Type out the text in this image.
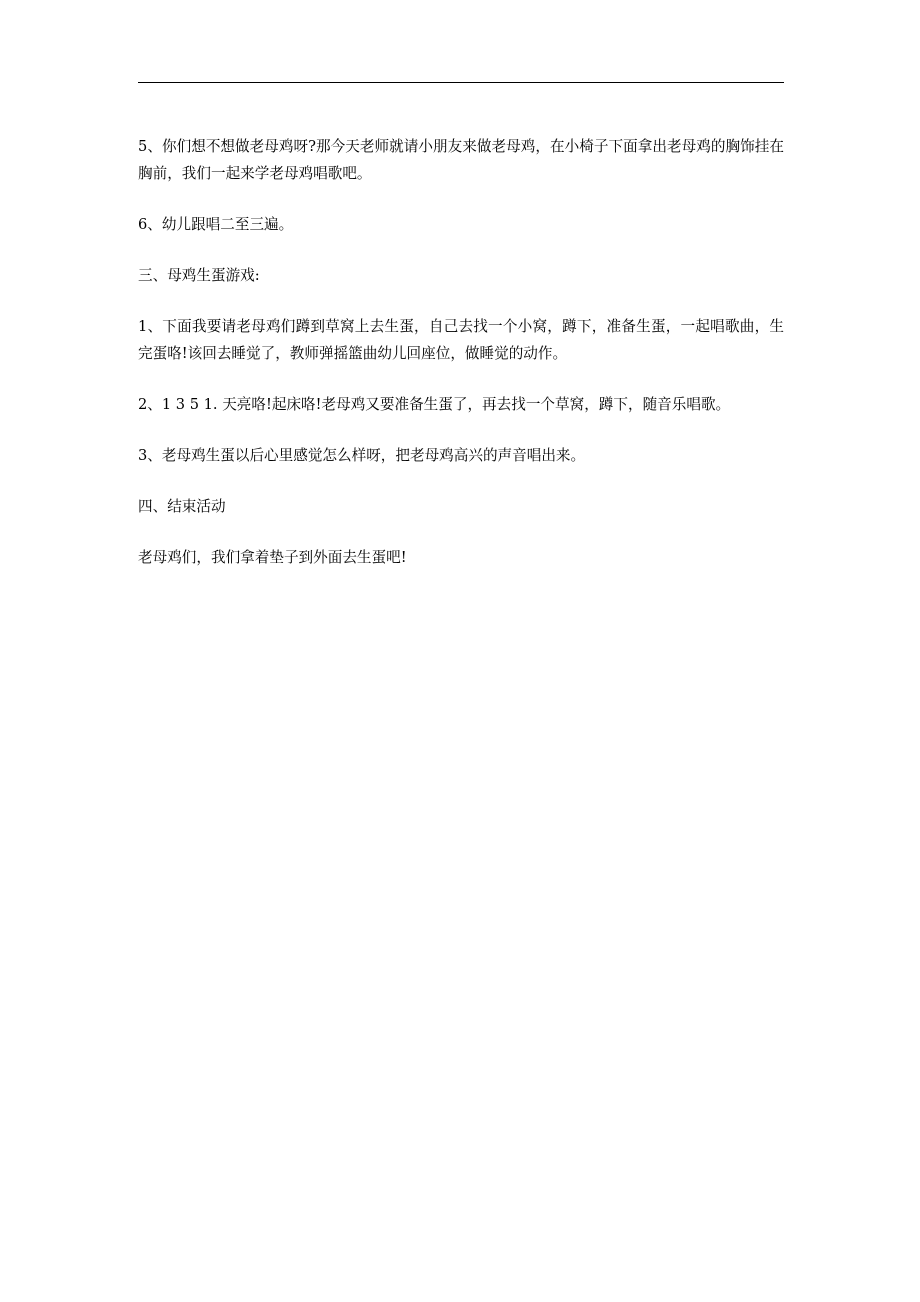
5、你们想不想做老母鸡呀?那今天老师就请小朋友来做老母鸡，在小椅子下面拿出老母鸡的胸饰挂在胸前，我们一起来学老母鸡唱歌吧。

6、幼儿跟唱二至三遍。

三、母鸡生蛋游戏:

1、下面我要请老母鸡们蹲到草窝上去生蛋，自己去找一个小窝，蹲下，准备生蛋，一起唱歌曲，生完蛋咯!该回去睡觉了，教师弹摇篮曲幼儿回座位，做睡觉的动作。

2、1 3 5 1. 天亮咯!起床咯!老母鸡又要准备生蛋了，再去找一个草窝，蹲下，随音乐唱歌。

3、老母鸡生蛋以后心里感觉怎么样呀，把老母鸡高兴的声音唱出来。

四、结束活动

老母鸡们，我们拿着垫子到外面去生蛋吧!
